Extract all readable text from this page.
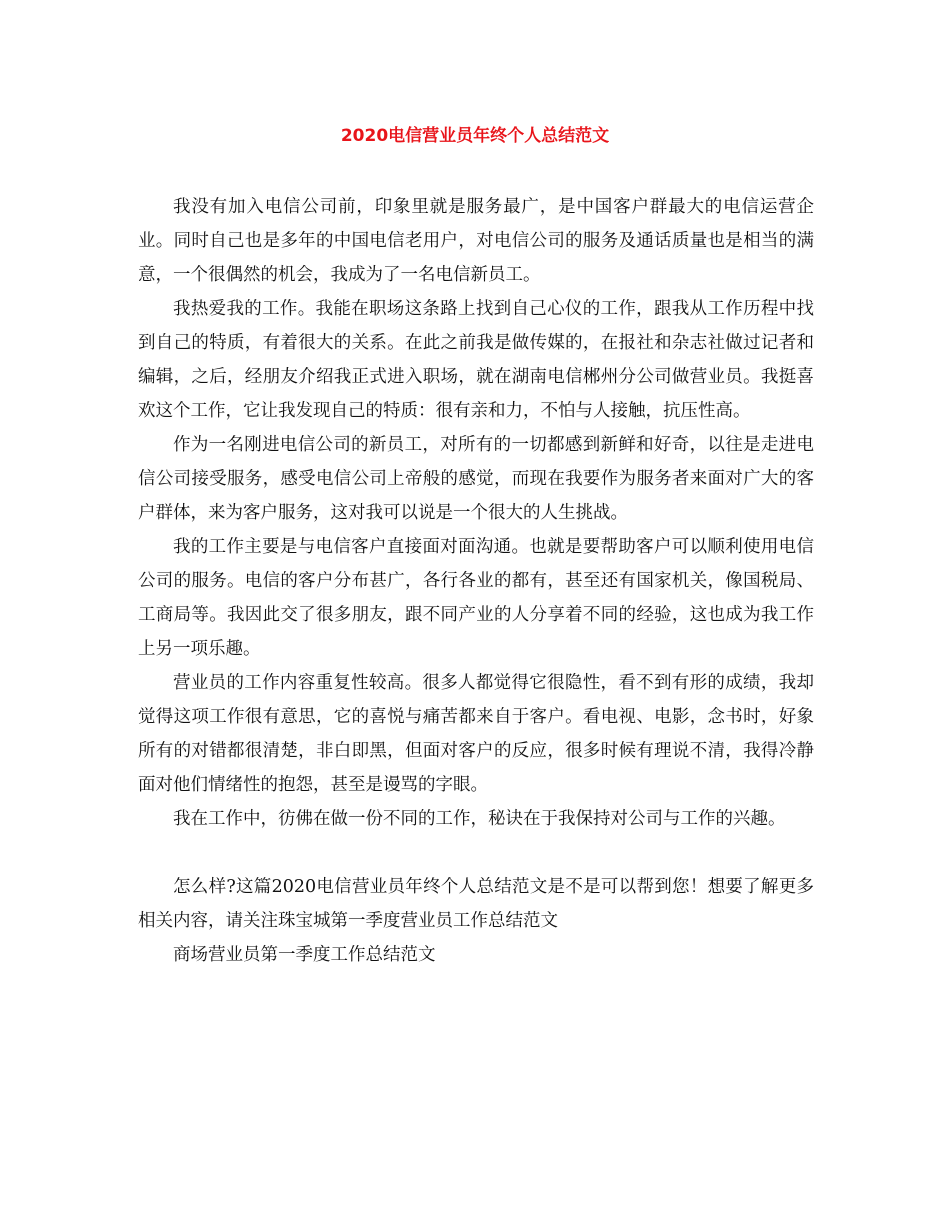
2020电信营业员年终个人总结范文

我没有加入电信公司前，印象里就是服务最广，是中国客户群最大的电信运营企业。同时自己也是多年的中国电信老用户，对电信公司的服务及通话质量也是相当的满意，一个很偶然的机会，我成为了一名电信新员工。

我热爱我的工作。我能在职场这条路上找到自己心仪的工作，跟我从工作历程中找到自己的特质，有着很大的关系。在此之前我是做传媒的，在报社和杂志社做过记者和编辑，之后，经朋友介绍我正式进入职场，就在湖南电信郴州分公司做营业员。我挺喜欢这个工作，它让我发现自己的特质：很有亲和力，不怕与人接触，抗压性高。

作为一名刚进电信公司的新员工，对所有的一切都感到新鲜和好奇，以往是走进电信公司接受服务，感受电信公司上帝般的感觉，而现在我要作为服务者来面对广大的客户群体，来为客户服务，这对我可以说是一个很大的人生挑战。

我的工作主要是与电信客户直接面对面沟通。也就是要帮助客户可以顺利使用电信公司的服务。电信的客户分布甚广，各行各业的都有，甚至还有国家机关，像国税局、工商局等。我因此交了很多朋友，跟不同产业的人分享着不同的经验，这也成为我工作上另一项乐趣。

营业员的工作内容重复性较高。很多人都觉得它很隐性，看不到有形的成绩，我却觉得这项工作很有意思，它的喜悦与痛苦都来自于客户。看电视、电影，念书时，好象所有的对错都很清楚，非白即黑，但面对客户的反应，很多时候有理说不清，我得冷静面对他们情绪性的抱怨，甚至是谩骂的字眼。

我在工作中，彷佛在做一份不同的工作，秘诀在于我保持对公司与工作的兴趣。

怎么样?这篇2020电信营业员年终个人总结范文是不是可以帮到您！想要了解更多相关内容，请关注珠宝城第一季度营业员工作总结范文

商场营业员第一季度工作总结范文
